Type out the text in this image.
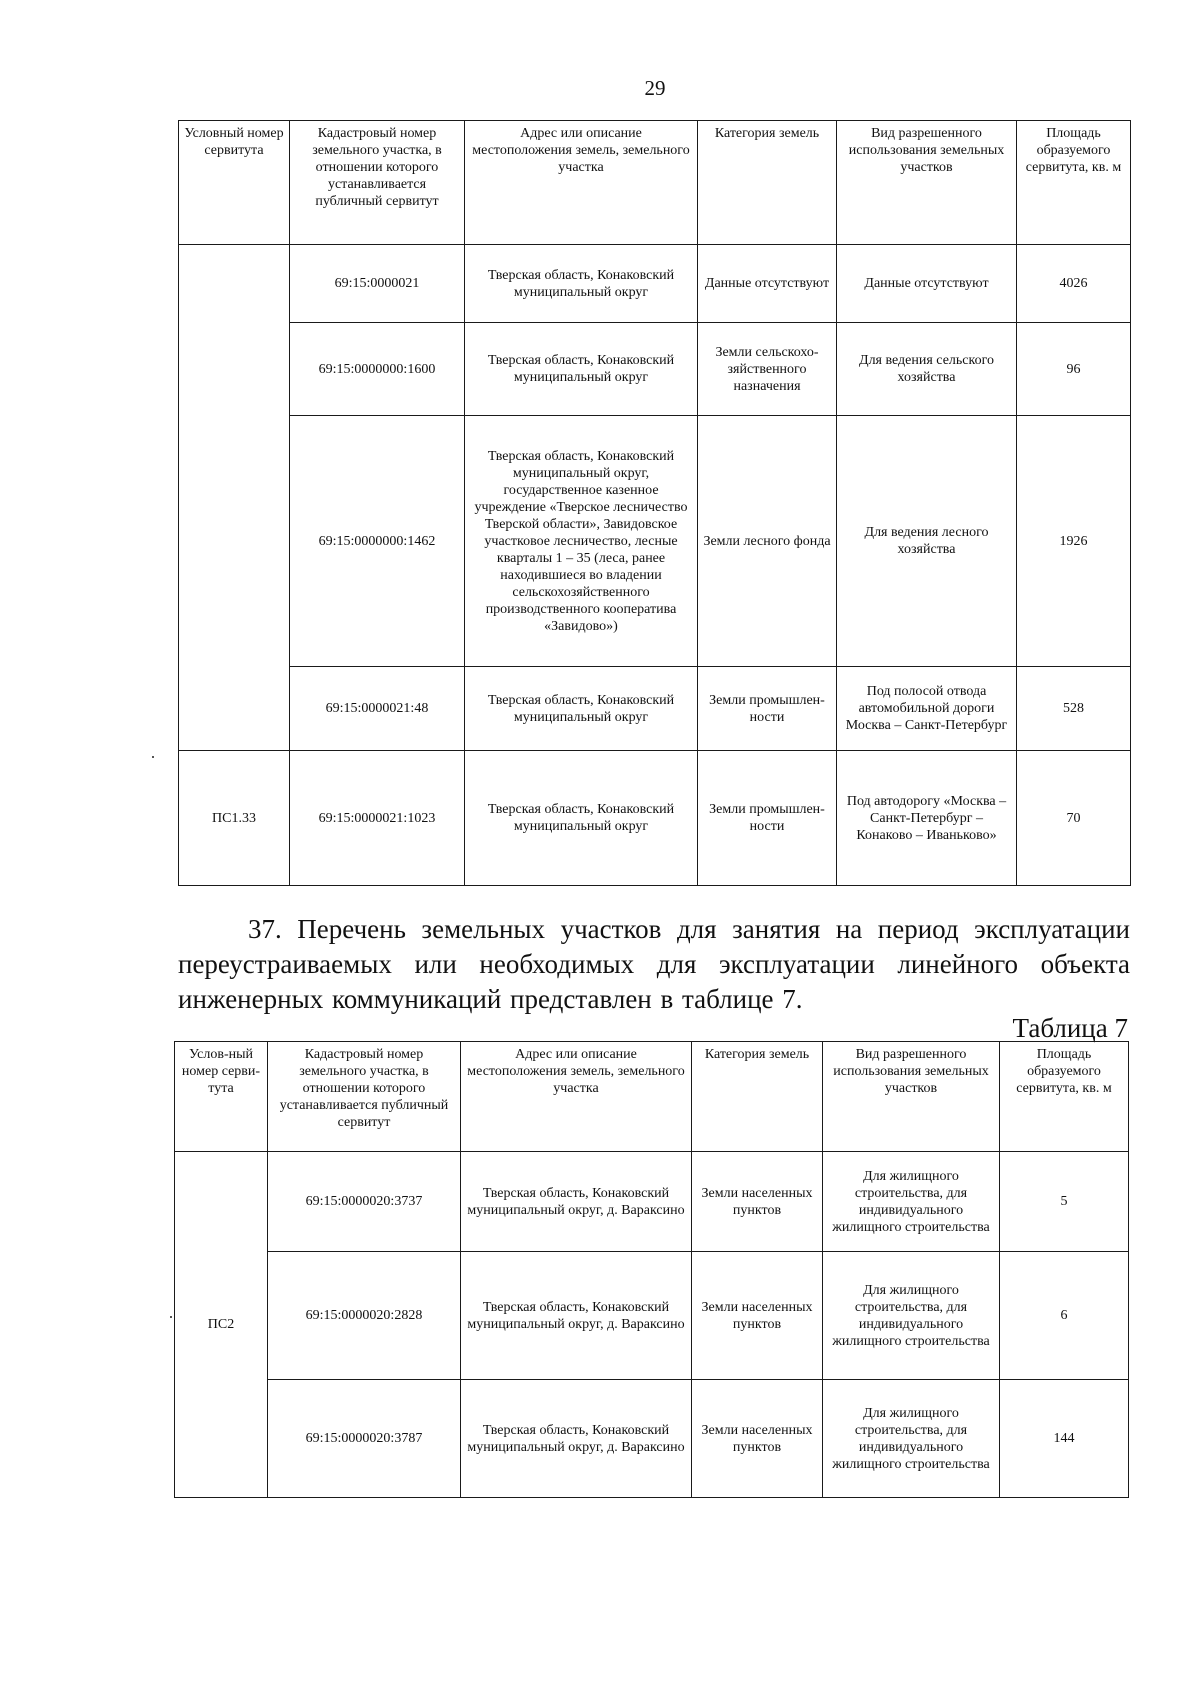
29
Условный номер сервитута	Кадастровый номер земельного участка, в отношении которого устанавливается публичный сервитут	Адрес или описание местоположения земель, земельного участка	Категория земель	Вид разрешенного использования земельных участков	Площадь образуемого сервитута, кв. м
	69:15:0000021	Тверская область, Конаковский муниципальный округ	Данные отсутствуют	Данные отсутствуют	4026
	69:15:0000000:1600	Тверская область, Конаковский муниципальный округ	Земли сельскохо-зяйственного назначения	Для ведения сельского хозяйства	96
	69:15:0000000:1462	Тверская область, Конаковский муниципальный округ, государственное казенное учреждение «Тверское лесничество Тверской области», Завидовское участковое лесничество, лесные кварталы 1 – 35 (леса, ранее находившиеся во владении сельскохозяйственного производственного кооператива «Завидово»)	Земли лесного фонда	Для ведения лесного хозяйства	1926
	69:15:0000021:48	Тверская область, Конаковский муниципальный округ	Земли промышлен-ности	Под полосой отвода автомобильной дороги Москва – Санкт-Петербург	528
ПС1.33	69:15:0000021:1023	Тверская область, Конаковский муниципальный округ	Земли промышлен-ности	Под автодорогу «Москва – Санкт-Петербург – Конаково – Иваньково»	70
37. Перечень земельных участков для занятия на период эксплуатации переустраиваемых или необходимых для эксплуатации линейного объекта инженерных коммуникаций представлен в таблице 7.
Таблица 7
Услов-ный номер серви-тута	Кадастровый номер земельного участка, в отношении которого устанавливается публичный сервитут	Адрес или описание местоположения земель, земельного участка	Категория земель	Вид разрешенного использования земельных участков	Площадь образуемого сервитута, кв. м
ПС2	69:15:0000020:3737	Тверская область, Конаковский муниципальный округ, д. Вараксино	Земли населенных пунктов	Для жилищного строительства, для индивидуального жилищного строительства	5
	69:15:0000020:2828	Тверская область, Конаковский муниципальный округ, д. Вараксино	Земли населенных пунктов	Для жилищного строительства, для индивидуального жилищного строительства	6
	69:15:0000020:3787	Тверская область, Конаковский муниципальный округ, д. Вараксино	Земли населенных пунктов	Для жилищного строительства, для индивидуального жилищного строительства	144
